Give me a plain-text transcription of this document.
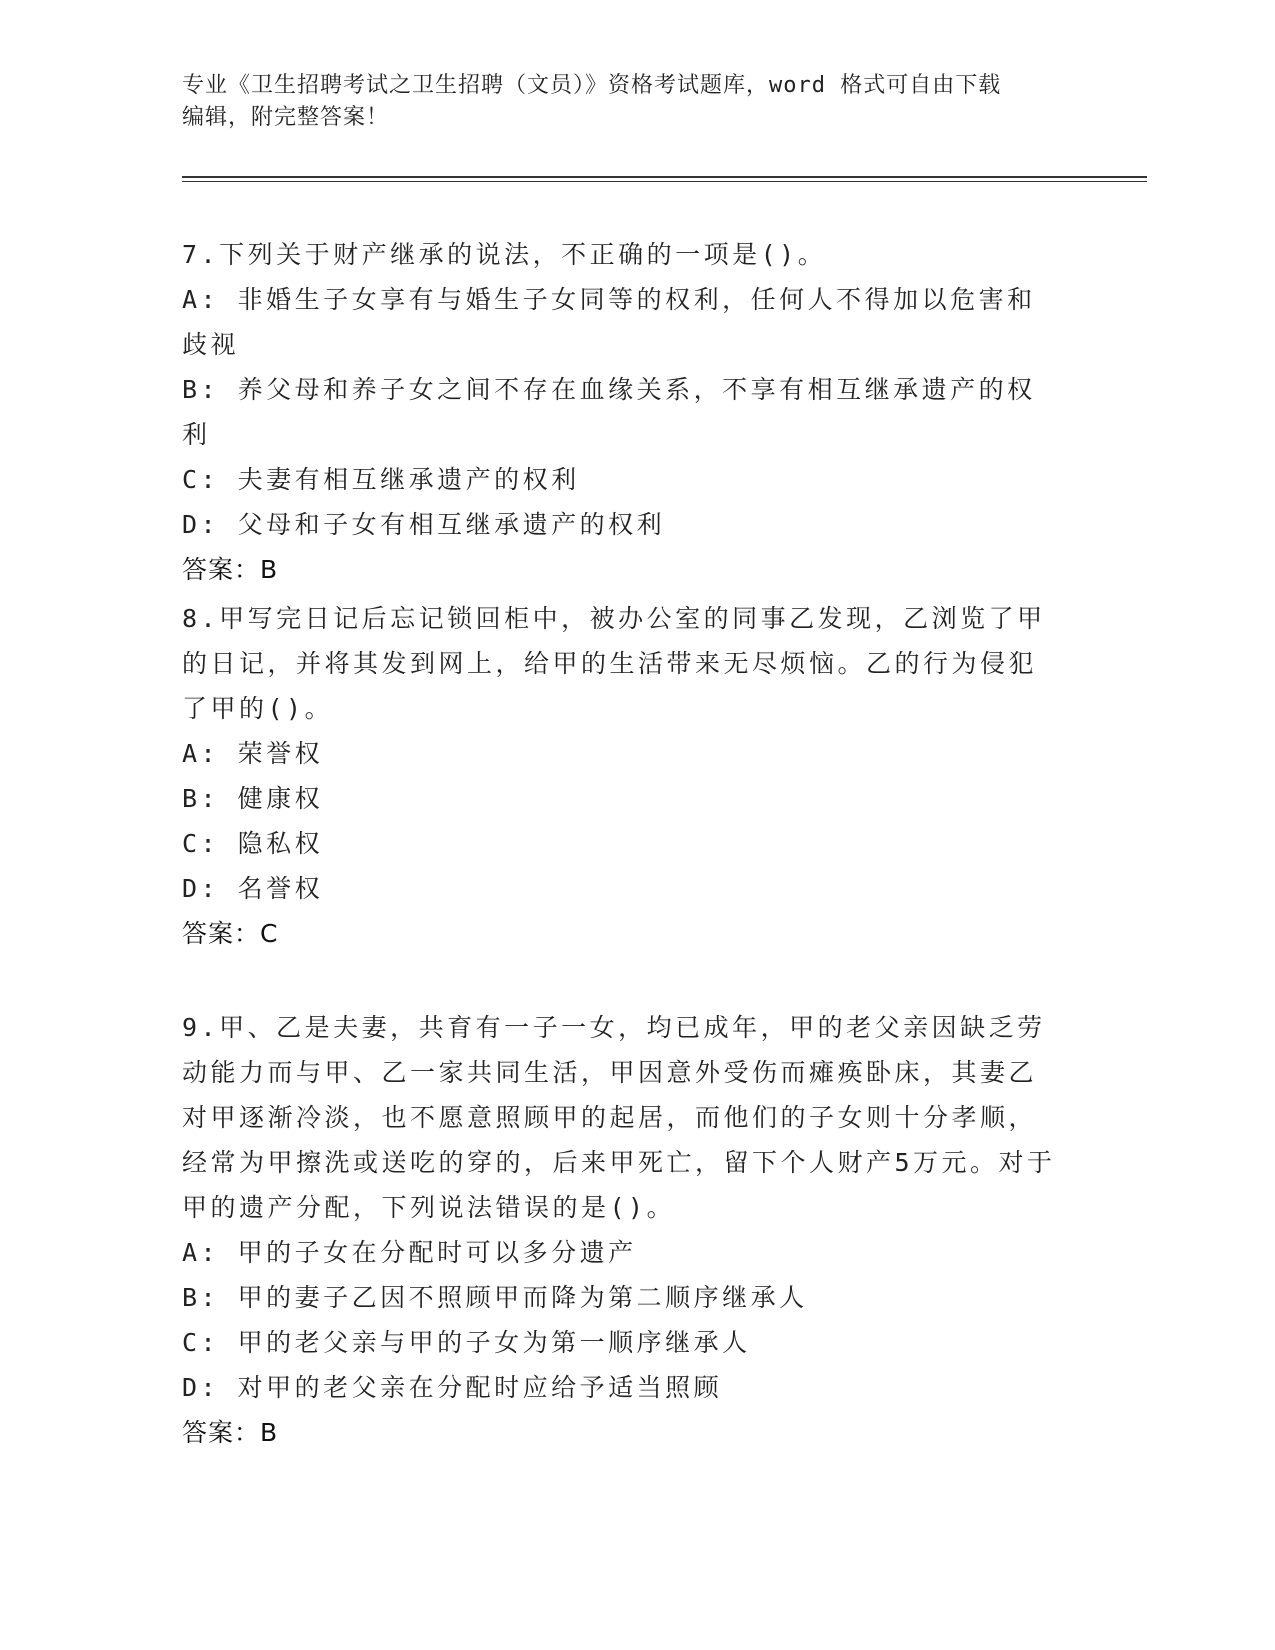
专业《卫生招聘考试之卫生招聘（文员）》资格考试题库，word 格式可自由下载
编辑，附完整答案！
7.下列关于财产继承的说法，不正确的一项是()。
A: 非婚生子女享有与婚生子女同等的权利，任何人不得加以危害和歧视
B: 养父母和养子女之间不存在血缘关系，不享有相互继承遗产的权利
C: 夫妻有相互继承遗产的权利
D: 父母和子女有相互继承遗产的权利
答案：B
8.甲写完日记后忘记锁回柜中，被办公室的同事乙发现，乙浏览了甲的日记，并将其发到网上，给甲的生活带来无尽烦恼。乙的行为侵犯了甲的()。
A: 荣誉权
B: 健康权
C: 隐私权
D: 名誉权
答案：C
9.甲、乙是夫妻，共育有一子一女，均已成年，甲的老父亲因缺乏劳动能力而与甲、乙一家共同生活，甲因意外受伤而瘫痪卧床，其妻乙对甲逐渐冷淡，也不愿意照顾甲的起居，而他们的子女则十分孝顺，经常为甲擦洗或送吃的穿的，后来甲死亡，留下个人财产5万元。对于甲的遗产分配，下列说法错误的是()。
A: 甲的子女在分配时可以多分遗产
B: 甲的妻子乙因不照顾甲而降为第二顺序继承人
C: 甲的老父亲与甲的子女为第一顺序继承人
D: 对甲的老父亲在分配时应给予适当照顾
答案：B
